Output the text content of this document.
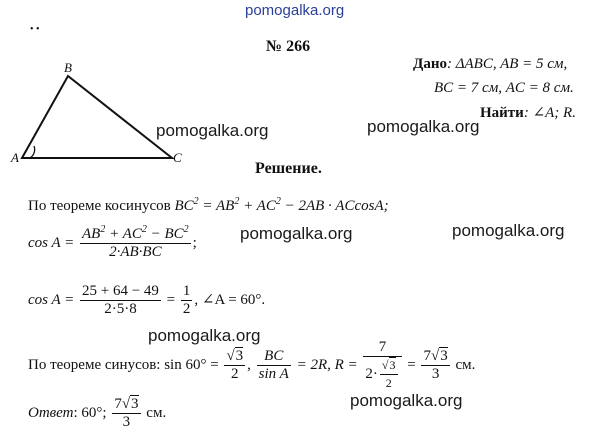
pomogalka.org
• •
№ 266
B
A	C
Дано: ΔABC, AB = 5 см,
BC = 7 см, AC = 8 см.
Найти: ∠A; R.
pomogalka.org	pomogalka.org
pomogalka.org	pomogalka.org
pomogalka.org
pomogalka.org
Решение.
По теореме косинусов $BC^2 = AB^2 + AC^2 - 2AB \cdot ACcosA$;
$\cos A = \frac{AB^2 + AC^2 - BC^2}{2\cdot AB\cdot BC}$ ;
$\cos A = \frac{25 + 64 - 49}{2\cdot 5\cdot 8} = \frac{1}{2}$ , ∠A = 60°.
По теореме синусов: $\sin 60^\circ = \frac{√3}{2}$ , $\frac{BC}{\text{sin A}} = 2R$, $R = \frac{7}{2\cdot \frac{√3}{2}} = \frac{7√3}{3}$ см.
Ответ: 60°; $\frac{7√3}{3}$ см.
